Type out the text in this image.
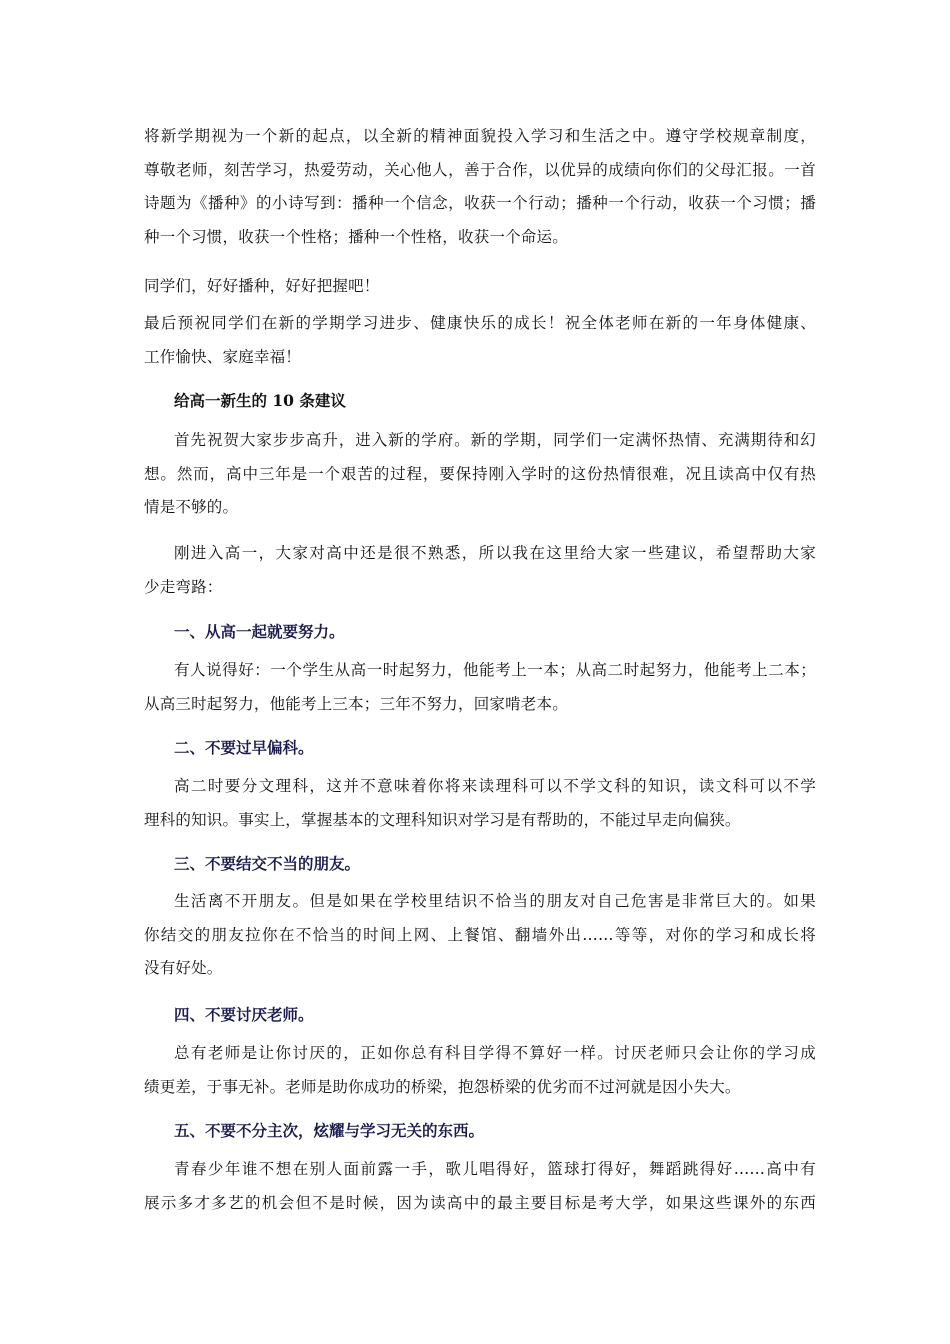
将新学期视为一个新的起点，以全新的精神面貌投入学习和生活之中。遵守学校规章制度，
尊敬老师，刻苦学习，热爱劳动，关心他人，善于合作，以优异的成绩向你们的父母汇报。一首
诗题为《播种》的小诗写到：播种一个信念，收获一个行动；播种一个行动，收获一个习惯；播
种一个习惯，收获一个性格；播种一个性格，收获一个命运。
同学们，好好播种，好好把握吧！
最后预祝同学们在新的学期学习进步、健康快乐的成长！祝全体老师在新的一年身体健康、
工作愉快、家庭幸福！
给高一新生的 10 条建议
首先祝贺大家步步高升，进入新的学府。新的学期，同学们一定满怀热情、充满期待和幻
想。然而，高中三年是一个艰苦的过程，要保持刚入学时的这份热情很难，况且读高中仅有热
情是不够的。
刚进入高一，大家对高中还是很不熟悉，所以我在这里给大家一些建议，希望帮助大家
少走弯路：
一、从高一起就要努力。
有人说得好：一个学生从高一时起努力，他能考上一本；从高二时起努力，他能考上二本；
从高三时起努力，他能考上三本；三年不努力，回家啃老本。
二、不要过早偏科。
高二时要分文理科，这并不意味着你将来读理科可以不学文科的知识，读文科可以不学
理科的知识。事实上，掌握基本的文理科知识对学习是有帮助的，不能过早走向偏狭。
三、不要结交不当的朋友。
生活离不开朋友。但是如果在学校里结识不恰当的朋友对自己危害是非常巨大的。如果
你结交的朋友拉你在不恰当的时间上网、上餐馆、翻墙外出……等等，对你的学习和成长将
没有好处。
四、不要讨厌老师。
总有老师是让你讨厌的，正如你总有科目学得不算好一样。讨厌老师只会让你的学习成
绩更差，于事无补。老师是助你成功的桥梁，抱怨桥梁的优劣而不过河就是因小失大。
五、不要不分主次，炫耀与学习无关的东西。
青春少年谁不想在别人面前露一手，歌儿唱得好，篮球打得好，舞蹈跳得好……高中有
展示多才多艺的机会但不是时候，因为读高中的最主要目标是考大学，如果这些课外的东西
